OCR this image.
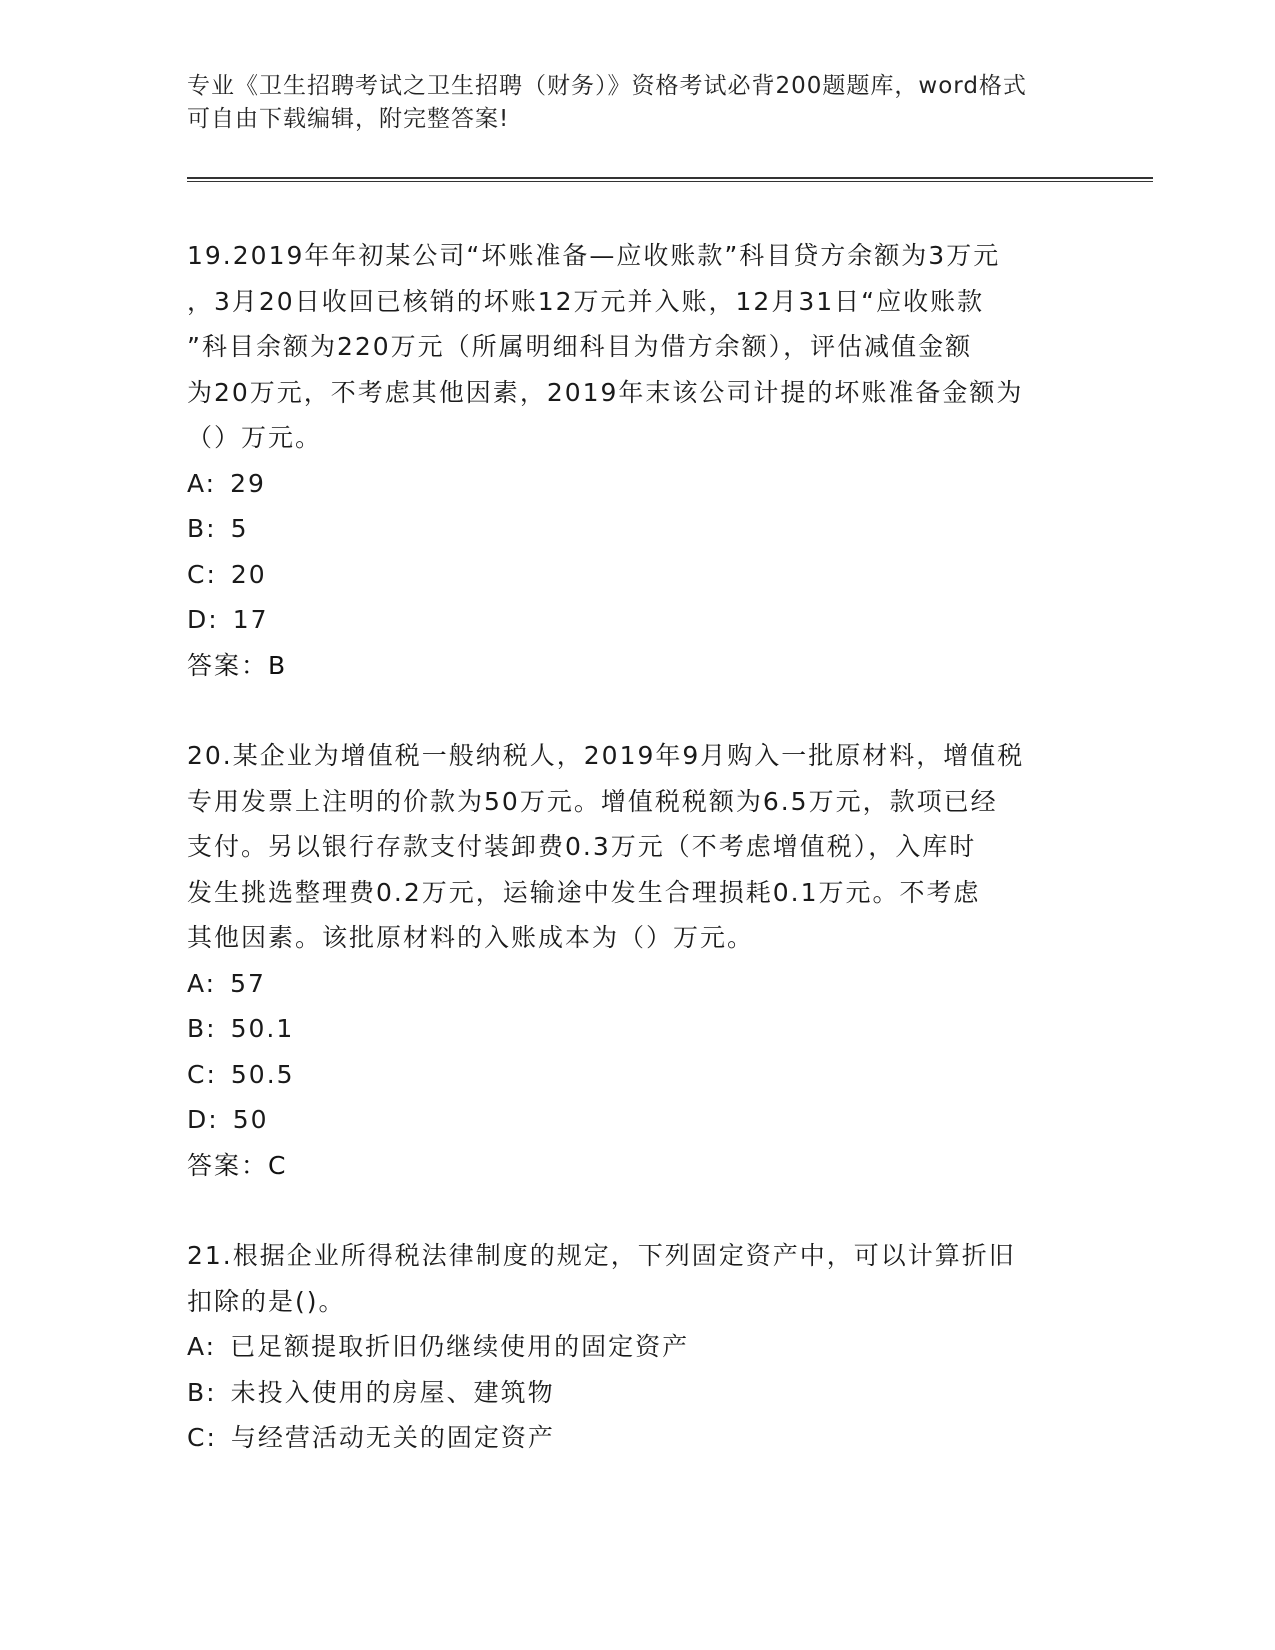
专业《卫生招聘考试之卫生招聘（财务）》资格考试必背200题题库，word格式
可自由下载编辑，附完整答案!
19.2019年年初某公司“坏账准备—应收账款”科目贷方余额为3万元
，3月20日收回已核销的坏账12万元并入账，12月31日“应收账款
”科目余额为220万元（所属明细科目为借方余额），评估减值金额
为20万元，不考虑其他因素，2019年末该公司计提的坏账准备金额为
（）万元。
A: 29
B: 5
C: 20
D: 17
答案：B
20.某企业为增值税一般纳税人，2019年9月购入一批原材料，增值税
专用发票上注明的价款为50万元。增值税税额为6.5万元，款项已经
支付。另以银行存款支付装卸费0.3万元（不考虑增值税），入库时
发生挑选整理费0.2万元，运输途中发生合理损耗0.1万元。不考虑
其他因素。该批原材料的入账成本为（）万元。
A: 57
B: 50.1
C: 50.5
D: 50
答案：C
21.根据企业所得税法律制度的规定，下列固定资产中，可以计算折旧
扣除的是()。
A: 已足额提取折旧仍继续使用的固定资产
B: 未投入使用的房屋、建筑物
C: 与经营活动无关的固定资产
